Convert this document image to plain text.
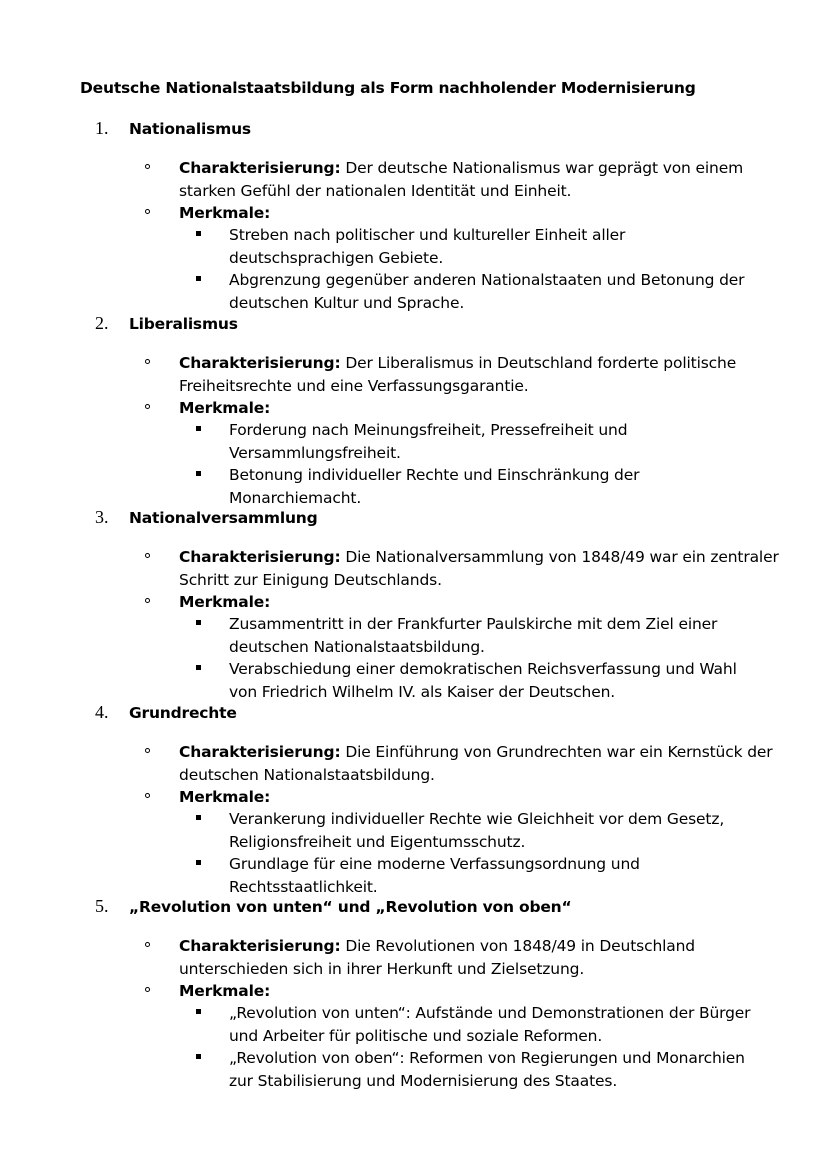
Deutsche Nationalstaatsbildung als Form nachholender Modernisierung
1. Nationalismus
Charakterisierung: Der deutsche Nationalismus war geprägt von einem starken Gefühl der nationalen Identität und Einheit.
Merkmale:
Streben nach politischer und kultureller Einheit aller deutschsprachigen Gebiete.
Abgrenzung gegenüber anderen Nationalstaaten und Betonung der deutschen Kultur und Sprache.
2. Liberalismus
Charakterisierung: Der Liberalismus in Deutschland forderte politische Freiheitsrechte und eine Verfassungsgarantie.
Merkmale:
Forderung nach Meinungsfreiheit, Pressefreiheit und Versammlungsfreiheit.
Betonung individueller Rechte und Einschränkung der Monarchiemacht.
3. Nationalversammlung
Charakterisierung: Die Nationalversammlung von 1848/49 war ein zentraler Schritt zur Einigung Deutschlands.
Merkmale:
Zusammentritt in der Frankfurter Paulskirche mit dem Ziel einer deutschen Nationalstaatsbildung.
Verabschiedung einer demokratischen Reichsverfassung und Wahl von Friedrich Wilhelm IV. als Kaiser der Deutschen.
4. Grundrechte
Charakterisierung: Die Einführung von Grundrechten war ein Kernstück der deutschen Nationalstaatsbildung.
Merkmale:
Verankerung individueller Rechte wie Gleichheit vor dem Gesetz, Religionsfreiheit und Eigentumsschutz.
Grundlage für eine moderne Verfassungsordnung und Rechtsstaatlichkeit.
5. „Revolution von unten“ und „Revolution von oben“
Charakterisierung: Die Revolutionen von 1848/49 in Deutschland unterschieden sich in ihrer Herkunft und Zielsetzung.
Merkmale:
„Revolution von unten“: Aufstände und Demonstrationen der Bürger und Arbeiter für politische und soziale Reformen.
„Revolution von oben“: Reformen von Regierungen und Monarchien zur Stabilisierung und Modernisierung des Staates.
